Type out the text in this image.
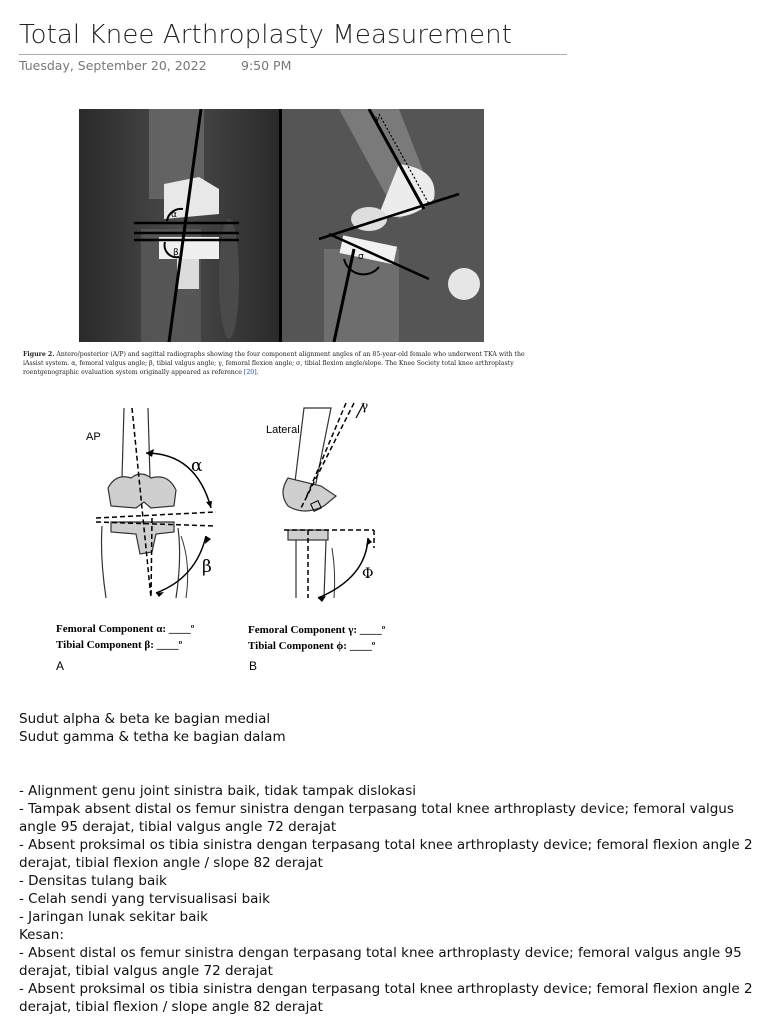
Total Knee Arthroplasty Measurement
Tuesday, September 20, 2022	9:50 PM
α
β	σ
γ
Figure 2. Antero/posterior (A/P) and sagittal radiographs showing the four component alignment angles of an 85-year-old female who underwent TKA with the iAssist system. α, femoral valgus angle; β, tibial valgus angle; γ, femoral flexion angle; σ, tibial flexion angle/slope. The Knee Society total knee arthroplasty roentgenographic evaluation system originally appeared as reference [20].
AP
Lateral
α
β
γ
Φ
Femoral Component α: ____º
Tibial Component β: ____º
Femoral Component γ: ____º
Tibial Component ϕ: ____º
A	B

Sudut alpha & beta ke bagian medial

Sudut gamma & tetha ke bagian dalam

- Alignment genu joint sinistra baik, tidak tampak dislokasi

- Tampak absent distal os femur sinistra dengan terpasang total knee arthroplasty device; femoral valgus angle 95 derajat, tibial valgus angle 72 derajat

- Absent proksimal os tibia sinistra dengan terpasang total knee arthroplasty device; femoral flexion angle 2 derajat, tibial flexion angle / slope 82 derajat

- Densitas tulang baik

- Celah sendi yang tervisualisasi baik

- Jaringan lunak sekitar baik

Kesan:

- Absent distal os femur sinistra dengan terpasang total knee arthroplasty device; femoral valgus angle 95 derajat, tibial valgus angle 72 derajat

- Absent proksimal os tibia sinistra dengan terpasang total knee arthroplasty device; femoral flexion angle 2 derajat, tibial flexion / slope angle 82 derajat
